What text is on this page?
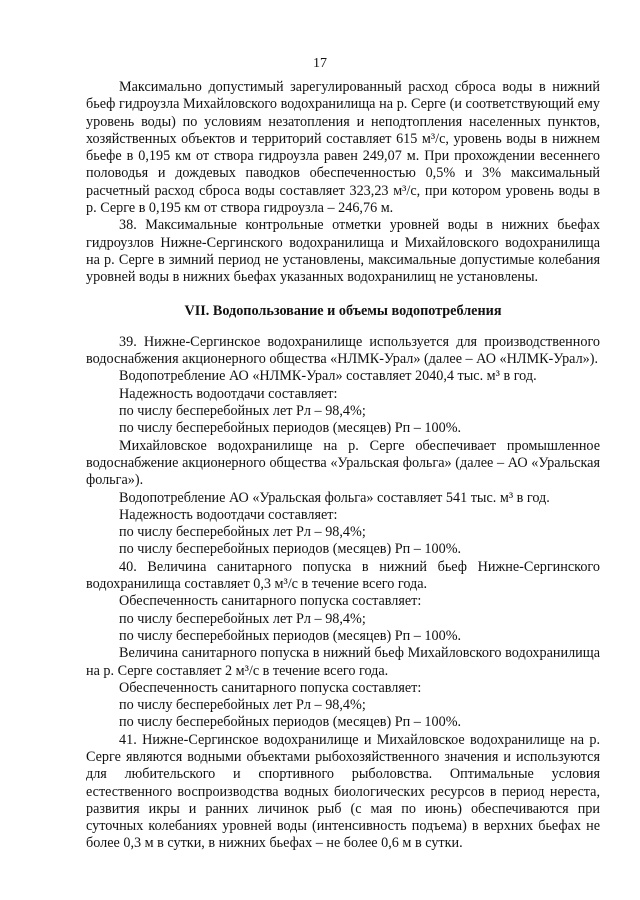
17

Максимально допустимый зарегулированный расход сброса воды в нижний бьеф гидроузла Михайловского водохранилища на р. Серге (и соответствующий ему уровень воды) по условиям незатопления и неподтопления населенных пунктов, хозяйственных объектов и территорий составляет 615 м³/с, уровень воды в нижнем бьефе в 0,195 км от створа гидроузла равен 249,07 м. При прохождении весеннего половодья и дождевых паводков обеспеченностью 0,5% и 3% максимальный расчетный расход сброса воды составляет 323,23 м³/с, при котором уровень воды в р. Серге в 0,195 км от створа гидроузла – 246,76 м.

38. Максимальные контрольные отметки уровней воды в нижних бьефах гидроузлов Нижне-Сергинского водохранилища и Михайловского водохранилища на р. Серге в зимний период не установлены, максимальные допустимые колебания уровней воды в нижних бьефах указанных водохранилищ не установлены.

VII. Водопользование и объемы водопотребления

39. Нижне-Сергинское водохранилище используется для производственного водоснабжения акционерного общества «НЛМК-Урал» (далее – АО «НЛМК-Урал»).

Водопотребление АО «НЛМК-Урал» составляет 2040,4 тыс. м³ в год.

Надежность водоотдачи составляет:

по числу бесперебойных лет Рл – 98,4%;

по числу бесперебойных периодов (месяцев) Рп – 100%.

Михайловское водохранилище на р. Серге обеспечивает промышленное водоснабжение акционерного общества «Уральская фольга» (далее – АО «Уральская фольга»).

Водопотребление АО «Уральская фольга» составляет 541 тыс. м³ в год.

Надежность водоотдачи составляет:

по числу бесперебойных лет Рл – 98,4%;

по числу бесперебойных периодов (месяцев) Рп – 100%.

40. Величина санитарного попуска в нижний бьеф Нижне-Сергинского водохранилища составляет 0,3 м³/с в течение всего года.

Обеспеченность санитарного попуска составляет:

по числу бесперебойных лет Рл – 98,4%;

по числу бесперебойных периодов (месяцев) Рп – 100%.

Величина санитарного попуска в нижний бьеф Михайловского водохранилища на р. Серге составляет 2 м³/с в течение всего года.

Обеспеченность санитарного попуска составляет:

по числу бесперебойных лет Рл – 98,4%;

по числу бесперебойных периодов (месяцев) Рп – 100%.

41. Нижне-Сергинское водохранилище и Михайловское водохранилище на р. Серге являются водными объектами рыбохозяйственного значения и используются для любительского и спортивного рыболовства. Оптимальные условия естественного воспроизводства водных биологических ресурсов в период нереста, развития икры и ранних личинок рыб (с мая по июнь) обеспечиваются при суточных колебаниях уровней воды (интенсивность подъема) в верхних бьефах не более 0,3 м в сутки, в нижних бьефах – не более 0,6 м в сутки.
